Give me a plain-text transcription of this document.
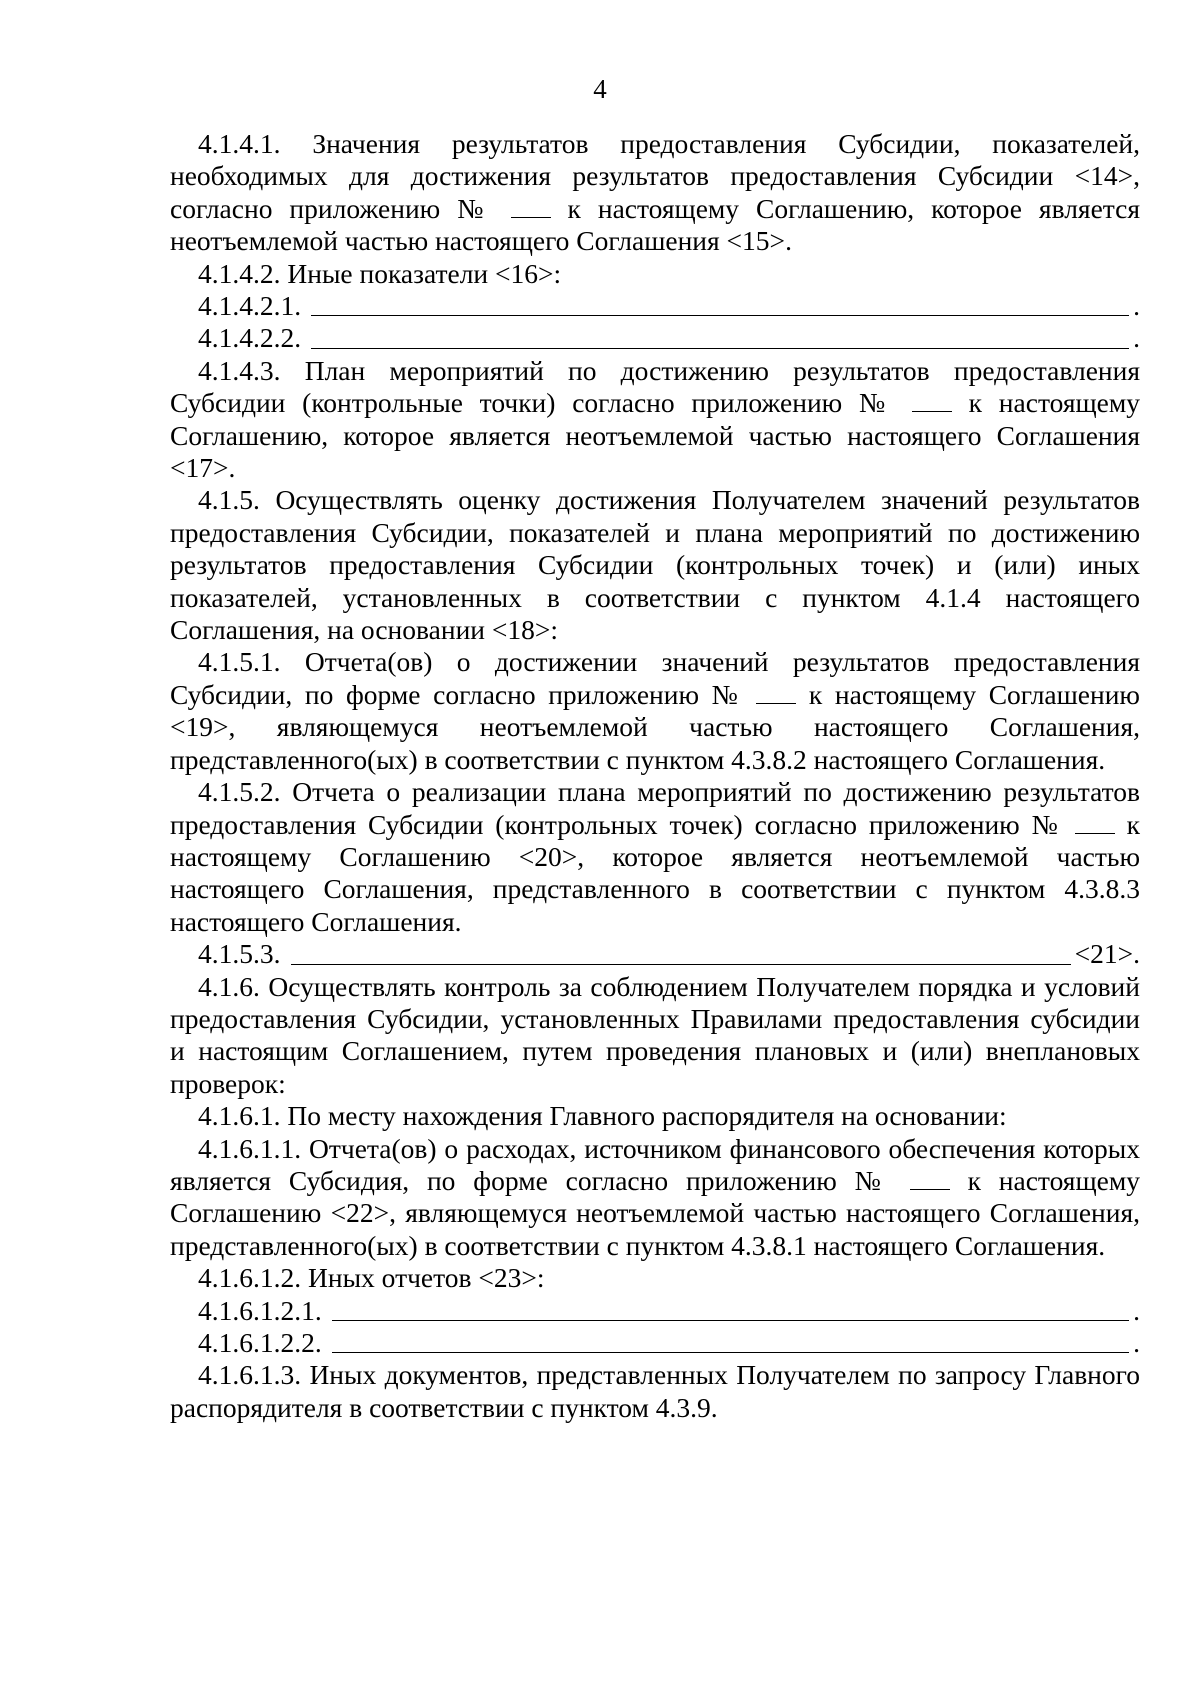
4

4.1.4.1. Значения результатов предоставления Субсидии, показателей, необходимых для достижения результатов предоставления Субсидии <14>, согласно приложению №  к настоящему Соглашению, которое является неотъемлемой частью настоящего Соглашения <15>.

4.1.4.2. Иные показатели <16>:

4.1.4.2.1.	.
4.1.4.2.2.	.

4.1.4.3. План мероприятий по достижению результатов предоставления Субсидии (контрольные точки) согласно приложению №  к настоящему Соглашению, которое является неотъемлемой частью настоящего Соглашения <17>.

4.1.5. Осуществлять оценку достижения Получателем значений результатов предоставления Субсидии, показателей и плана мероприятий по достижению результатов предоставления Субсидии (контрольных точек) и (или) иных показателей, установленных в соответствии с пунктом 4.1.4 настоящего Соглашения, на основании <18>:

4.1.5.1. Отчета(ов) о достижении значений результатов предоставления Субсидии, по форме согласно приложению №  к настоящему Соглашению <19>, являющемуся неотъемлемой частью настоящего Соглашения, представленного(ых) в соответствии с пунктом 4.3.8.2 настоящего Соглашения.

4.1.5.2. Отчета о реализации плана мероприятий по достижению результатов предоставления Субсидии (контрольных точек) согласно приложению №  к настоящему Соглашению <20>, которое является неотъемлемой частью настоящего Соглашения, представленного в соответствии с пунктом 4.3.8.3 настоящего Соглашения.

4.1.5.3.	<21>.

4.1.6. Осуществлять контроль за соблюдением Получателем порядка и условий предоставления Субсидии, установленных Правилами предоставления субсидии и настоящим Соглашением, путем проведения плановых и (или) внеплановых проверок:

4.1.6.1. По месту нахождения Главного распорядителя на основании:

4.1.6.1.1. Отчета(ов) о расходах, источником финансового обеспечения которых является Субсидия, по форме согласно приложению №  к настоящему Соглашению <22>, являющемуся неотъемлемой частью настоящего Соглашения, представленного(ых) в соответствии с пунктом 4.3.8.1 настоящего Соглашения.

4.1.6.1.2. Иных отчетов <23>:

4.1.6.1.2.1.	.
4.1.6.1.2.2.	.

4.1.6.1.3. Иных документов, представленных Получателем по запросу Главного распорядителя в соответствии с пунктом 4.3.9.
